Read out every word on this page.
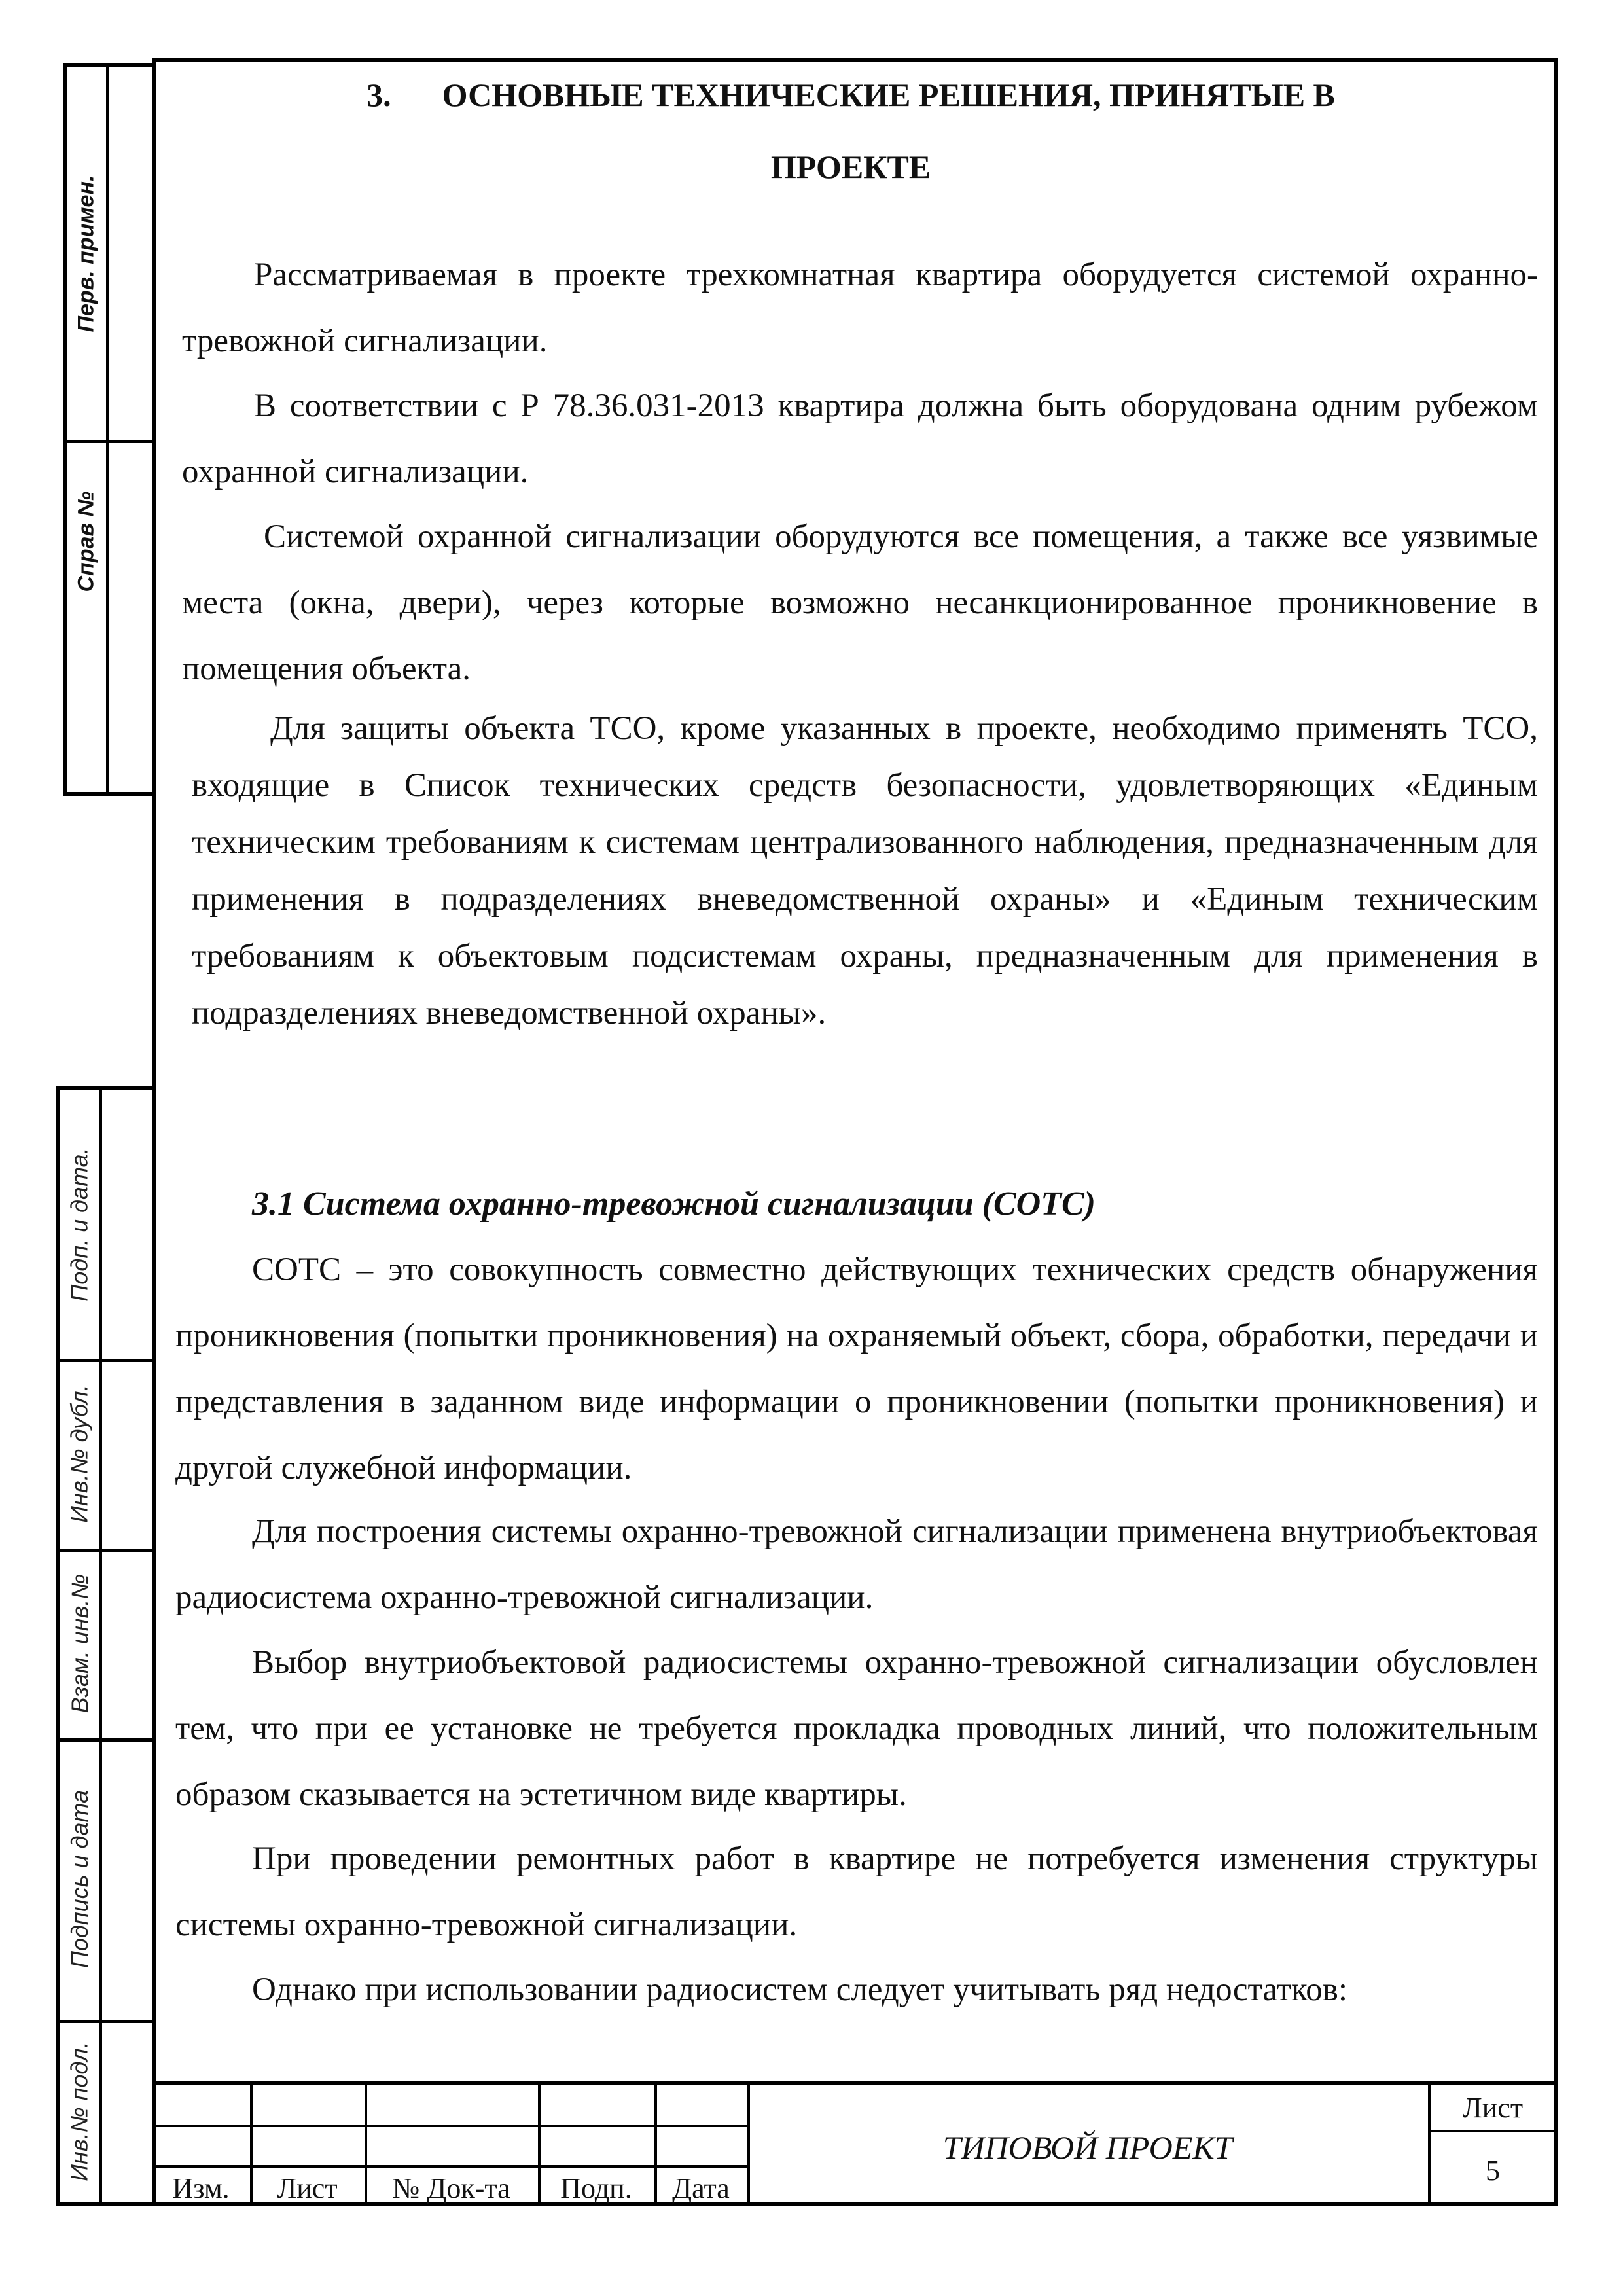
Перв. примен.
Справ №
Подп. и дата.
Инв.№ дубл.
Взам. инв.№
Подпись и дата
Инв.№ подл.
3. ОСНОВНЫЕ ТЕХНИЧЕСКИЕ РЕШЕНИЯ, ПРИНЯТЫЕ В
ПРОЕКТЕ
Рассматриваемая в проекте трехкомнатная квартира оборудуется системой охранно-тревожной сигнализации.
В соответствии с Р 78.36.031-2013 квартира должна быть оборудована одним рубежом охранной сигнализации.
Системой охранной сигнализации оборудуются все помещения, а также все уязвимые места (окна, двери), через которые возможно несанкционированное проникновение в помещения объекта.
Для защиты объекта ТСО, кроме указанных в проекте, необходимо применять ТСО, входящие в Список технических средств безопасности, удовлетворяющих «Единым техническим требованиям к системам централизованного наблюдения, предназначенным для применения в подразделениях вневедомственной охраны» и «Единым техническим требованиям к объектовым подсистемам охраны, предназначенным для применения в подразделениях вневедомственной охраны».
3.1 Система охранно-тревожной сигнализации (СОТС)
СОТС – это совокупность совместно действующих технических средств обнаружения проникновения (попытки проникновения) на охраняемый объект, сбора, обработки, передачи и представления в заданном виде информации о проникновении (попытки проникновения) и другой служебной информации.
Для построения системы охранно-тревожной сигнализации применена внутриобъектовая радиосистема охранно-тревожной сигнализации.
Выбор внутриобъектовой радиосистемы охранно-тревожной сигнализации обусловлен тем, что при ее установке не требуется прокладка проводных линий, что положительным образом сказывается на эстетичном виде квартиры.
При проведении ремонтных работ в квартире не потребуется изменения структуры системы охранно-тревожной сигнализации.
Однако при использовании радиосистем следует учитывать ряд недостатков:
Изм.	Лист	№ Док-та	Подп.	Дата
ТИПОВОЙ ПРОЕКТ
Лист
5
